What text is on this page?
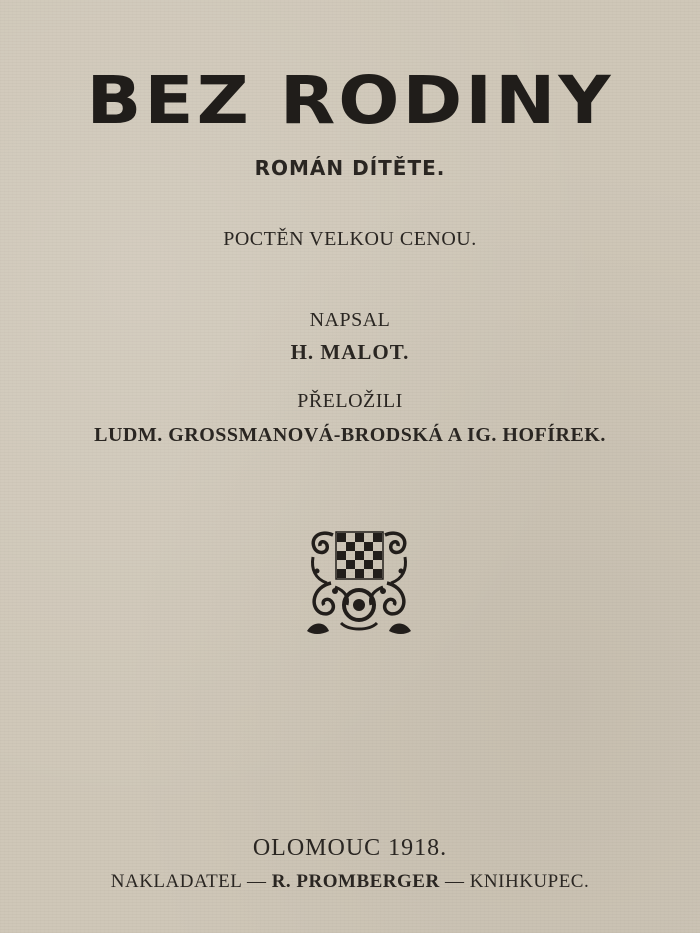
BEZ RODINY
ROMÁN DÍTĚTE.
POCTĚN VELKOU CENOU.
NAPSAL
H. MALOT.
PŘELOŽILI
LUDM. GROSSMANOVÁ-BRODSKÁ A IG. HOFÍREK.
OLOMOUC 1918.
NAKLADATEL — R. PROMBERGER — KNIHKUPEC.
